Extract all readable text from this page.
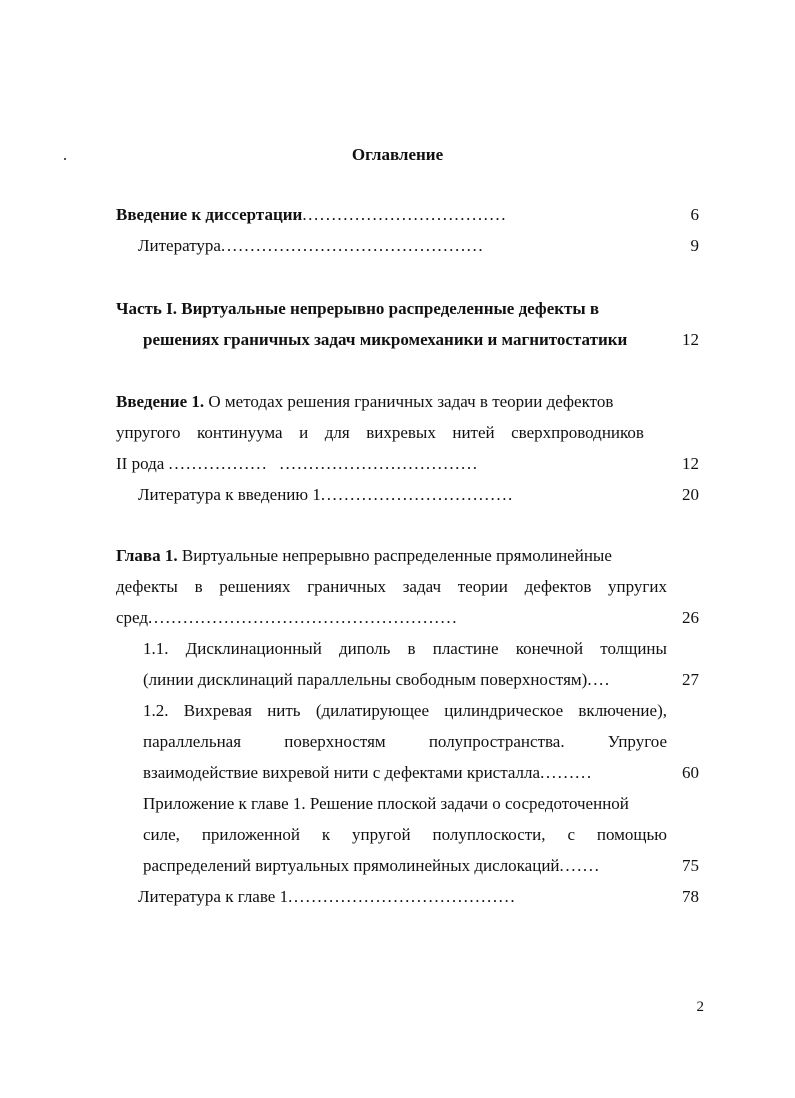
Оглавление
Введение к диссертации...................................	6
Литература.............................................	9
Часть I. Виртуальные непрерывно распределенные дефекты в
решениях граничных задач микромеханики и магнитостатики	12
Введение 1. О методах решения граничных задач в теории дефектов
упругого континуума и для вихревых нитей сверхпроводников
II рода .................  ..................................	12
Литература к введению 1.................................	20
Глава 1. Виртуальные непрерывно распределенные прямолинейные
дефекты в решениях граничных задач теории дефектов упругих
сред.....................................................	26
1.1. Дисклинационный диполь в пластине конечной толщины
(линии дисклинаций параллельны свободным поверхностям)....	27
1.2. Вихревая нить (дилатирующее цилиндрическое включение),
параллельная	поверхностям	полупространства.	Упругое
взаимодействие вихревой нити с дефектами кристалла.........	60
Приложение к главе 1. Решение плоской задачи о сосредоточенной
силе, приложенной к упругой полуплоскости, с помощью
распределений виртуальных прямолинейных дислокаций.......	75
Литература к главе 1.......................................	78
2
